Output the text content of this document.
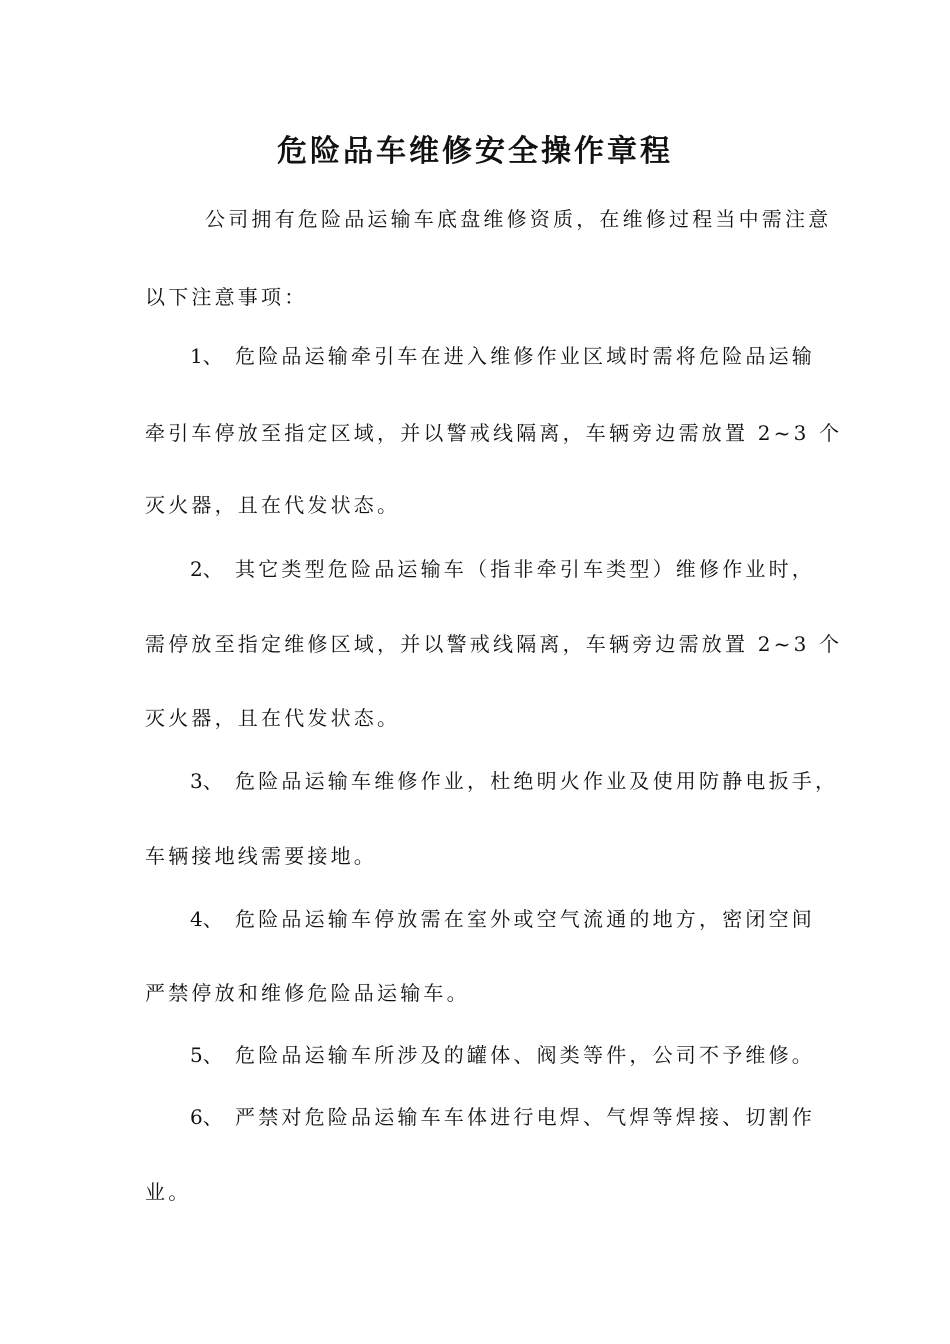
危险品车维修安全操作章程
公司拥有危险品运输车底盘维修资质，在维修过程当中需注意
以下注意事项：
1、 危险品运输牵引车在进入维修作业区域时需将危险品运输
牵引车停放至指定区域，并以警戒线隔离，车辆旁边需放置 2~3 个
灭火器，且在代发状态。
2、 其它类型危险品运输车（指非牵引车类型）维修作业时，
需停放至指定维修区域，并以警戒线隔离，车辆旁边需放置 2~3 个
灭火器，且在代发状态。
3、 危险品运输车维修作业，杜绝明火作业及使用防静电扳手，
车辆接地线需要接地。
4、 危险品运输车停放需在室外或空气流通的地方，密闭空间
严禁停放和维修危险品运输车。
5、 危险品运输车所涉及的罐体、阀类等件，公司不予维修。
6、 严禁对危险品运输车车体进行电焊、气焊等焊接、切割作
业。
